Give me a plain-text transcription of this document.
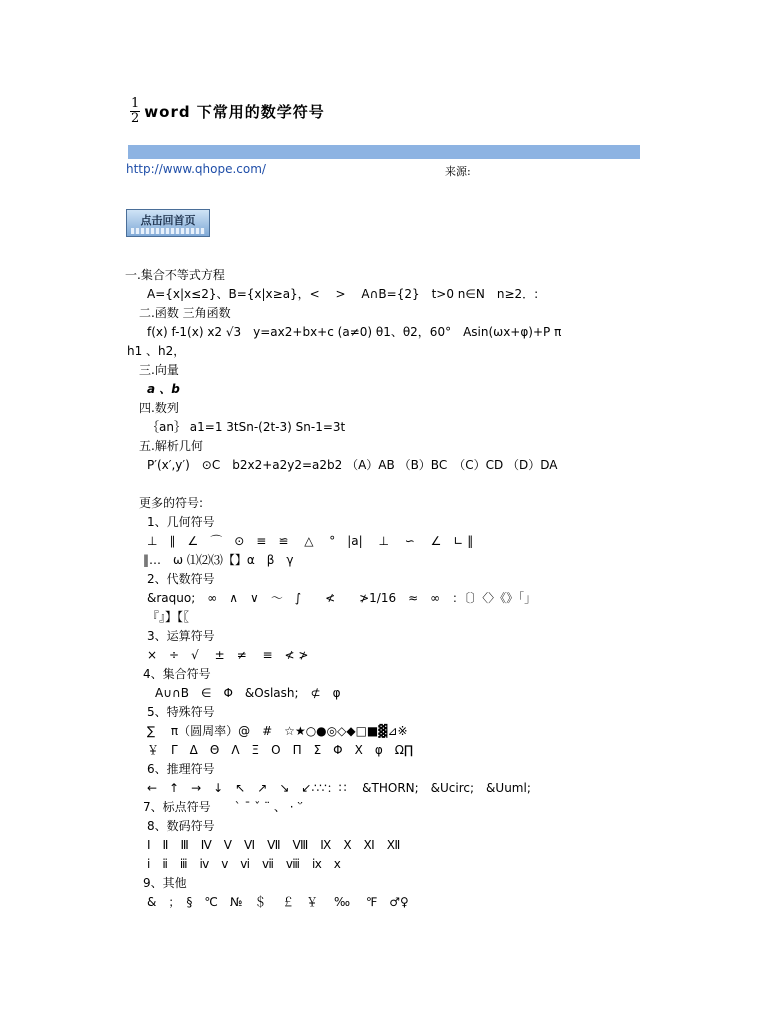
$\frac{1}{2}$ word 下常用的数学符号
http://www.qhope.com/	来源:
点击回首页
一.集合不等式方程
A={x|x≤2}、B={x|x≥a}，<　 >　 A∩B={2}　t>0 n∈N　n≥2．:
二.函数 三角函数
f(x) f-1(x) x2 √3　y=ax2+bx+c (a≠0) θ1、θ2，60°　Asin(ωx+φ)+P π
h1 、h2，
三.向量
a 、b
四.数列
｛an｝ a1=1 3tSn-(2t-3) Sn-1=3t
五.解析几何
P′(x′,y′)　⊙C　b2x2+a2y2=a2b2 （A）AB （B）BC　（C）CD （D）DA
更多的符号:
1、几何符号
⊥　∥　∠　⌒　⊙　≡　≌　 △　 °　|a|　 ⊥　 ∽　 ∠　∟ ‖
‖…　ω ⑴⑵⑶【】α　β　γ
2、代数符号
&raquo;　∞　∧　∨　～　∫　　≮　　≯1/16　≈　∞　：〔〕〈〉《》「」
『』】【〖
3、运算符号
×　÷　√　 ±　≠　 ≡　≮ ≯
4、集合符号
A∪∩B　∈　Φ　&Oslash;　⊄　φ
5、特殊符号
∑　 π（圆周率）@　#　☆★○●◎◇◆□■▓⊿※
￥　Γ　Δ　Θ　Λ　Ξ　Ο　Π　Σ　Φ　Χ　φ　Ω∏
6、推理符号
←　↑　→　↓　↖　↗　↘　↙∴∵：∷　 &THORN;　&Ucirc;　&Uuml;
7、标点符号　　` ˉ ˇ ¨ 、 · ‵′
8、数码符号
Ⅰ　Ⅱ　Ⅲ　Ⅳ　Ⅴ　Ⅵ　Ⅶ　Ⅷ　Ⅸ　Ⅹ　Ⅺ　Ⅻ
ⅰ　ⅱ　ⅲ　ⅳ　ⅴ　ⅵ　ⅶ　ⅷ　ⅸ　ⅹ
9、其他
&　；　§　℃　№　＄　 ￡　￥　 ‰　 ℉　♂♀
